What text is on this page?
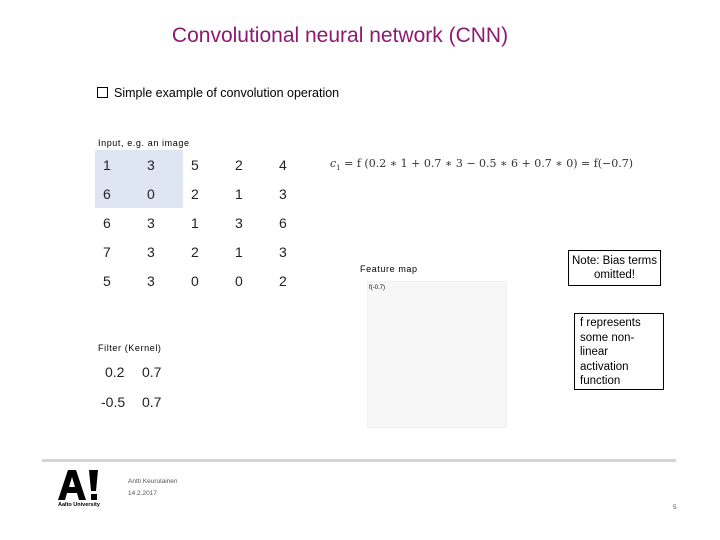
Convolutional neural network (CNN)
Simple example of convolution operation
Input, e.g. an image
1	3	5	2	4
6	0	2	1	3
6	3	1	3	6
7	3	2	1	3
5	3	0	0	2
$c_1 = f$ (0.2 ∗ 1 + 0.7 ∗ 3 − 0.5 ∗ 6 + 0.7 ∗ 0) = f(−0.7)
Feature map
f(-0.7)
Note: Bias terms omitted!
f represents
some non-
linear
activation
function
Filter (Kernel)
0.2	0.7
-0.5	0.7
Aalto University
Antti Keurulainen
14.2.2017
5
